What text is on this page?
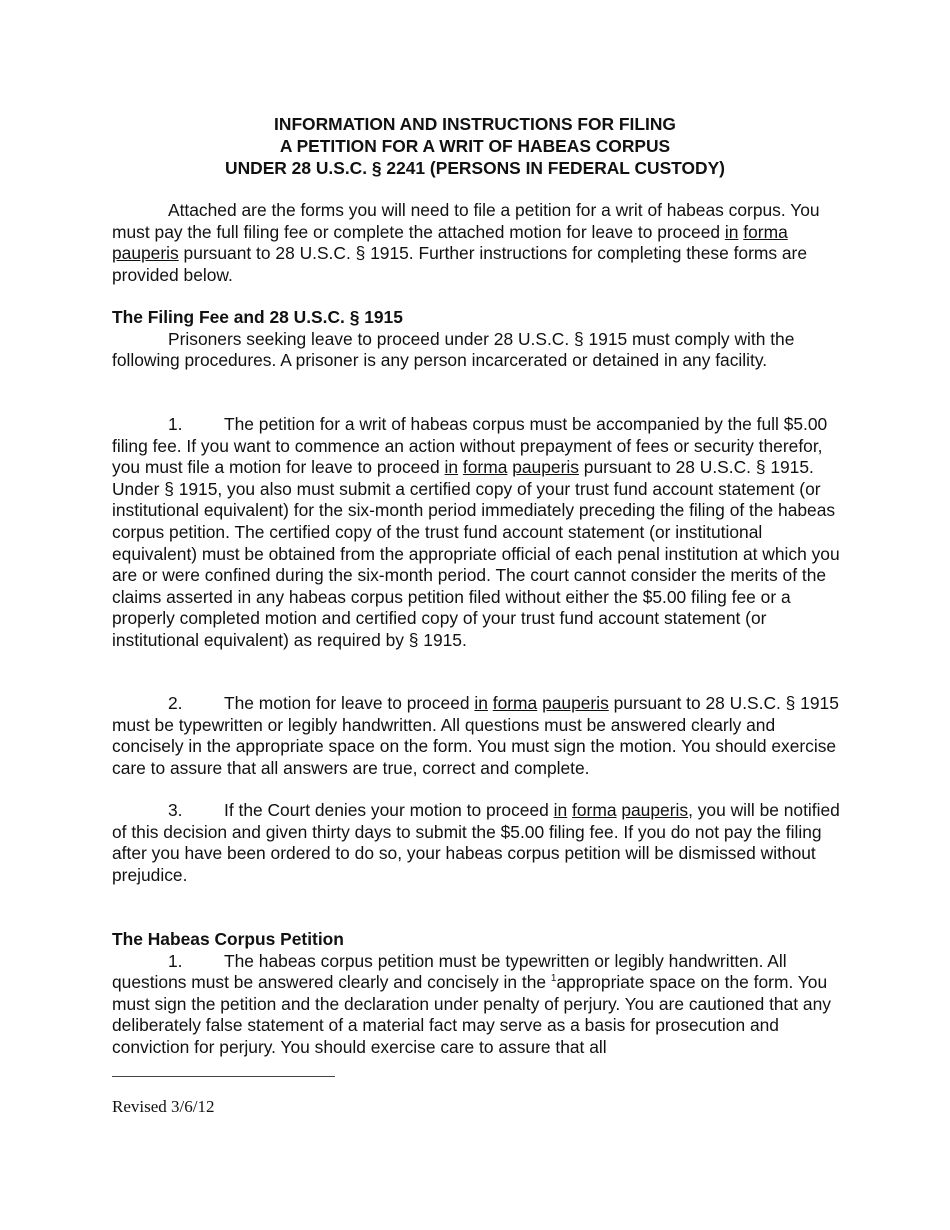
INFORMATION AND INSTRUCTIONS FOR FILING
A PETITION FOR A WRIT OF HABEAS CORPUS
UNDER 28 U.S.C. § 2241 (PERSONS IN FEDERAL CUSTODY)

Attached are the forms you will need to file a petition for a writ of habeas corpus. You must pay the full filing fee or complete the attached motion for leave to proceed in forma pauperis pursuant to 28 U.S.C. § 1915. Further instructions for completing these forms are provided below.

The Filing Fee and 28 U.S.C. § 1915

Prisoners seeking leave to proceed under 28 U.S.C. § 1915 must comply with the following procedures. A prisoner is any person incarcerated or detained in any facility.

1. The petition for a writ of habeas corpus must be accompanied by the full $5.00 filing fee. If you want to commence an action without prepayment of fees or security therefor, you must file a motion for leave to proceed in forma pauperis pursuant to 28 U.S.C. § 1915. Under § 1915, you also must submit a certified copy of your trust fund account statement (or institutional equivalent) for the six-month period immediately preceding the filing of the habeas corpus petition. The certified copy of the trust fund account statement (or institutional equivalent) must be obtained from the appropriate official of each penal institution at which you are or were confined during the six-month period. The court cannot consider the merits of the claims asserted in any habeas corpus petition filed without either the $5.00 filing fee or a properly completed motion and certified copy of your trust fund account statement (or institutional equivalent) as required by § 1915.

2. The motion for leave to proceed in forma pauperis pursuant to 28 U.S.C. § 1915 must be typewritten or legibly handwritten. All questions must be answered clearly and concisely in the appropriate space on the form. You must sign the motion. You should exercise care to assure that all answers are true, correct and complete.

3. If the Court denies your motion to proceed in forma pauperis, you will be notified of this decision and given thirty days to submit the $5.00 filing fee. If you do not pay the filing after you have been ordered to do so, your habeas corpus petition will be dismissed without prejudice.

The Habeas Corpus Petition

1. The habeas corpus petition must be typewritten or legibly handwritten. All questions must be answered clearly and concisely in the $^1$appropriate space on the form. You must sign the petition and the declaration under penalty of perjury. You are cautioned that any deliberately false statement of a material fact may serve as a basis for prosecution and conviction for perjury. You should exercise care to assure that all

Revised 3/6/12
